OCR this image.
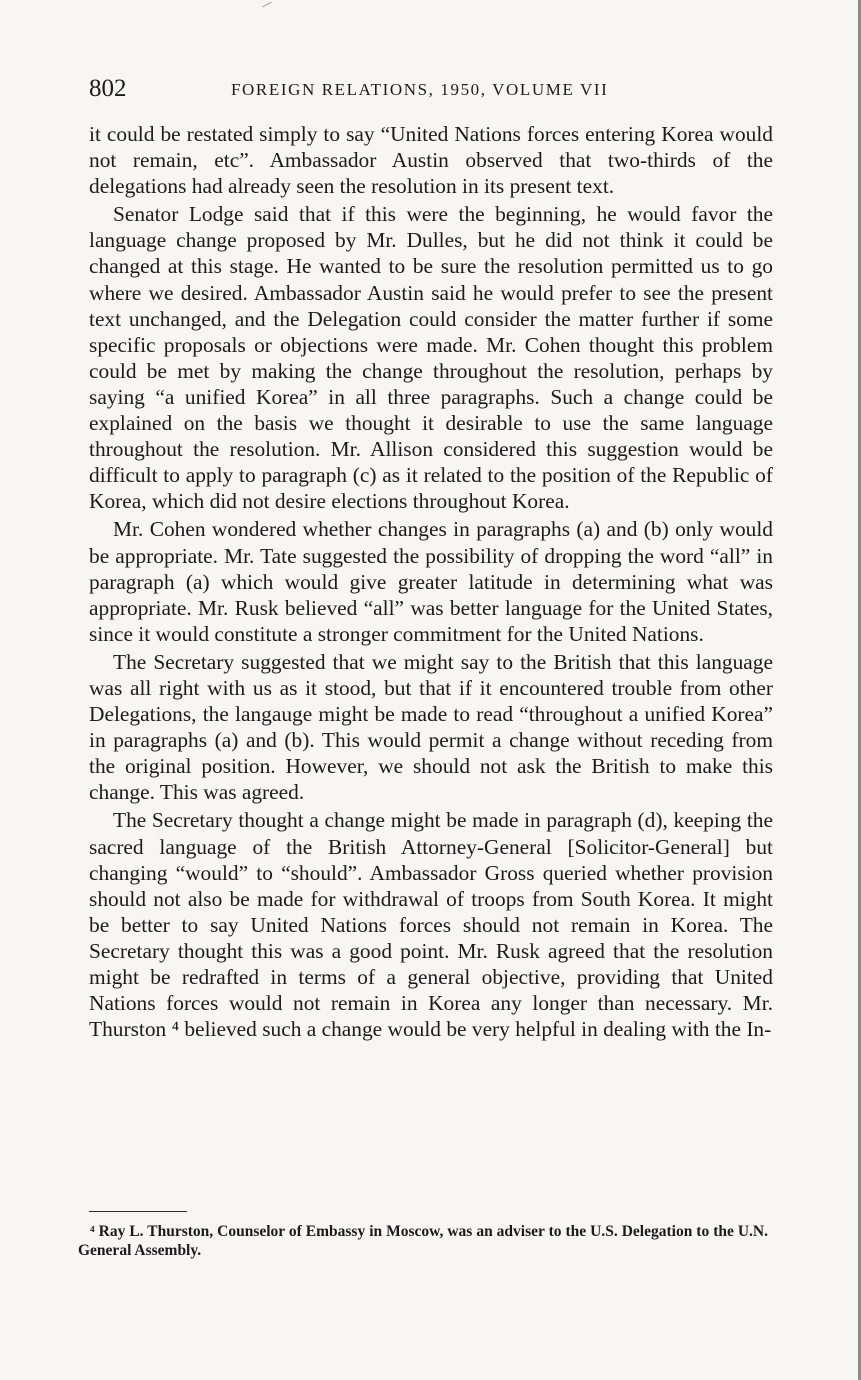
802	FOREIGN RELATIONS, 1950, VOLUME VII

it could be restated simply to say “United Nations forces entering Korea would not remain, etc”. Ambassador Austin observed that two-thirds of the delegations had already seen the resolution in its present text.

Senator Lodge said that if this were the beginning, he would favor the language change proposed by Mr. Dulles, but he did not think it could be changed at this stage. He wanted to be sure the resolution permitted us to go where we desired. Ambassador Austin said he would prefer to see the present text unchanged, and the Delegation could consider the matter further if some specific proposals or objections were made. Mr. Cohen thought this problem could be met by making the change throughout the resolution, perhaps by saying “a unified Korea” in all three paragraphs. Such a change could be explained on the basis we thought it desirable to use the same language throughout the resolution. Mr. Allison considered this suggestion would be difficult to apply to paragraph (c) as it related to the position of the Republic of Korea, which did not desire elections throughout Korea.

Mr. Cohen wondered whether changes in paragraphs (a) and (b) only would be appropriate. Mr. Tate suggested the possibility of dropping the word “all” in paragraph (a) which would give greater latitude in determining what was appropriate. Mr. Rusk believed “all” was better language for the United States, since it would constitute a stronger commitment for the United Nations.

The Secretary suggested that we might say to the British that this language was all right with us as it stood, but that if it encountered trouble from other Delegations, the langauge might be made to read “throughout a unified Korea” in paragraphs (a) and (b). This would permit a change without receding from the original position. However, we should not ask the British to make this change. This was agreed.

The Secretary thought a change might be made in paragraph (d), keeping the sacred language of the British Attorney-General [Solicitor-General] but changing “would” to “should”. Ambassador Gross queried whether provision should not also be made for withdrawal of troops from South Korea. It might be better to say United Nations forces should not remain in Korea. The Secretary thought this was a good point. Mr. Rusk agreed that the resolution might be redrafted in terms of a general objective, providing that United Nations forces would not remain in Korea any longer than necessary. Mr. Thurston ⁴ believed such a change would be very helpful in dealing with the In-

⁴ Ray L. Thurston, Counselor of Embassy in Moscow, was an adviser to the U.S. Delegation to the U.N. General Assembly.
